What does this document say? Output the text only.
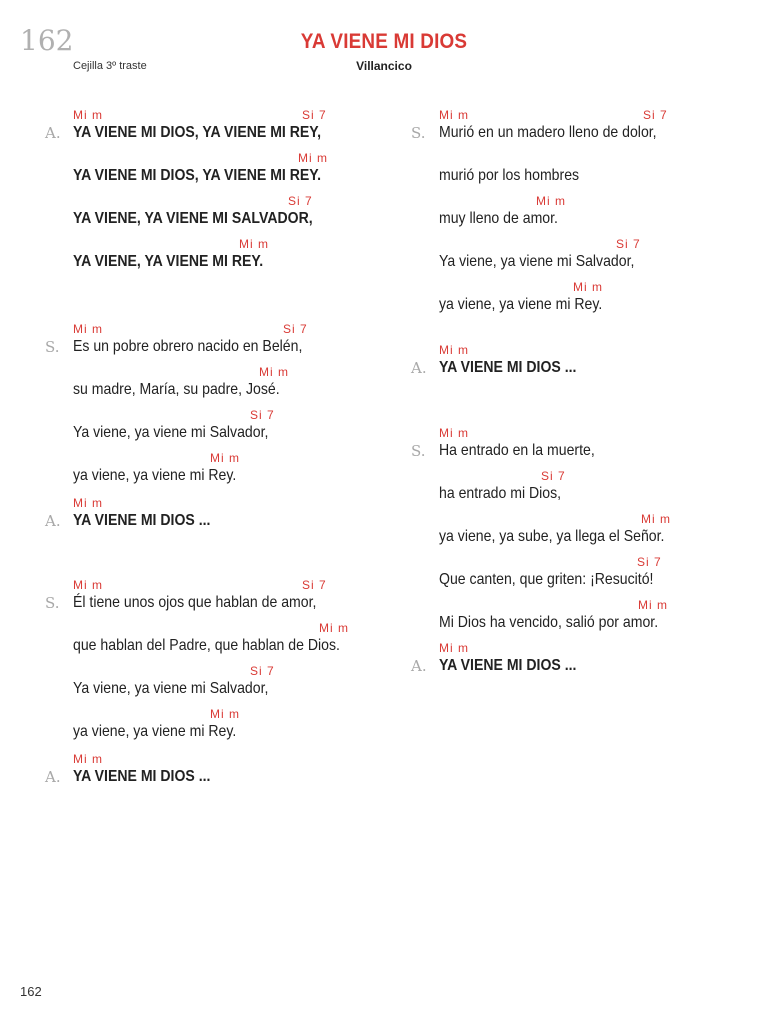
162	YA VIENE MI DIOS
Cejilla 3º traste	Villancico
A.
Mi m	Si 7
YA VIENE MI DIOS, YA VIENE MI REY,
Mi m
YA VIENE MI DIOS, YA VIENE MI REY.
Si 7
YA VIENE, YA VIENE MI SALVADOR,
Mi m
YA VIENE, YA VIENE MI REY.
S.
Mi m	Si 7
Es un pobre obrero nacido en Belén,
Mi m
su madre, María, su padre, José.
Si 7
Ya viene, ya viene mi Salvador,
Mi m
ya viene, ya viene mi Rey.
A.
Mi m
YA VIENE MI DIOS ...
S.
Mi m	Si 7
Él tiene unos ojos que hablan de amor,
Mi m
que hablan del Padre, que hablan de Dios.
Si 7
Ya viene, ya viene mi Salvador,
Mi m
ya viene, ya viene mi Rey.
A.
Mi m
YA VIENE MI DIOS ...
S.
Mi m	Si 7
Murió en un madero lleno de dolor,
murió por los hombres
Mi m
muy lleno de amor.
Si 7
Ya viene, ya viene mi Salvador,
Mi m
ya viene, ya viene mi Rey.
A.
Mi m
YA VIENE MI DIOS ...
S.
Mi m
Ha entrado en la muerte,
Si 7
ha entrado mi Dios,
Mi m
ya viene, ya sube, ya llega el Señor.
Si 7
Que canten, que griten: ¡Resucitó!
Mi m
Mi Dios ha vencido, salió por amor.
A.
Mi m
YA VIENE MI DIOS ...
162
